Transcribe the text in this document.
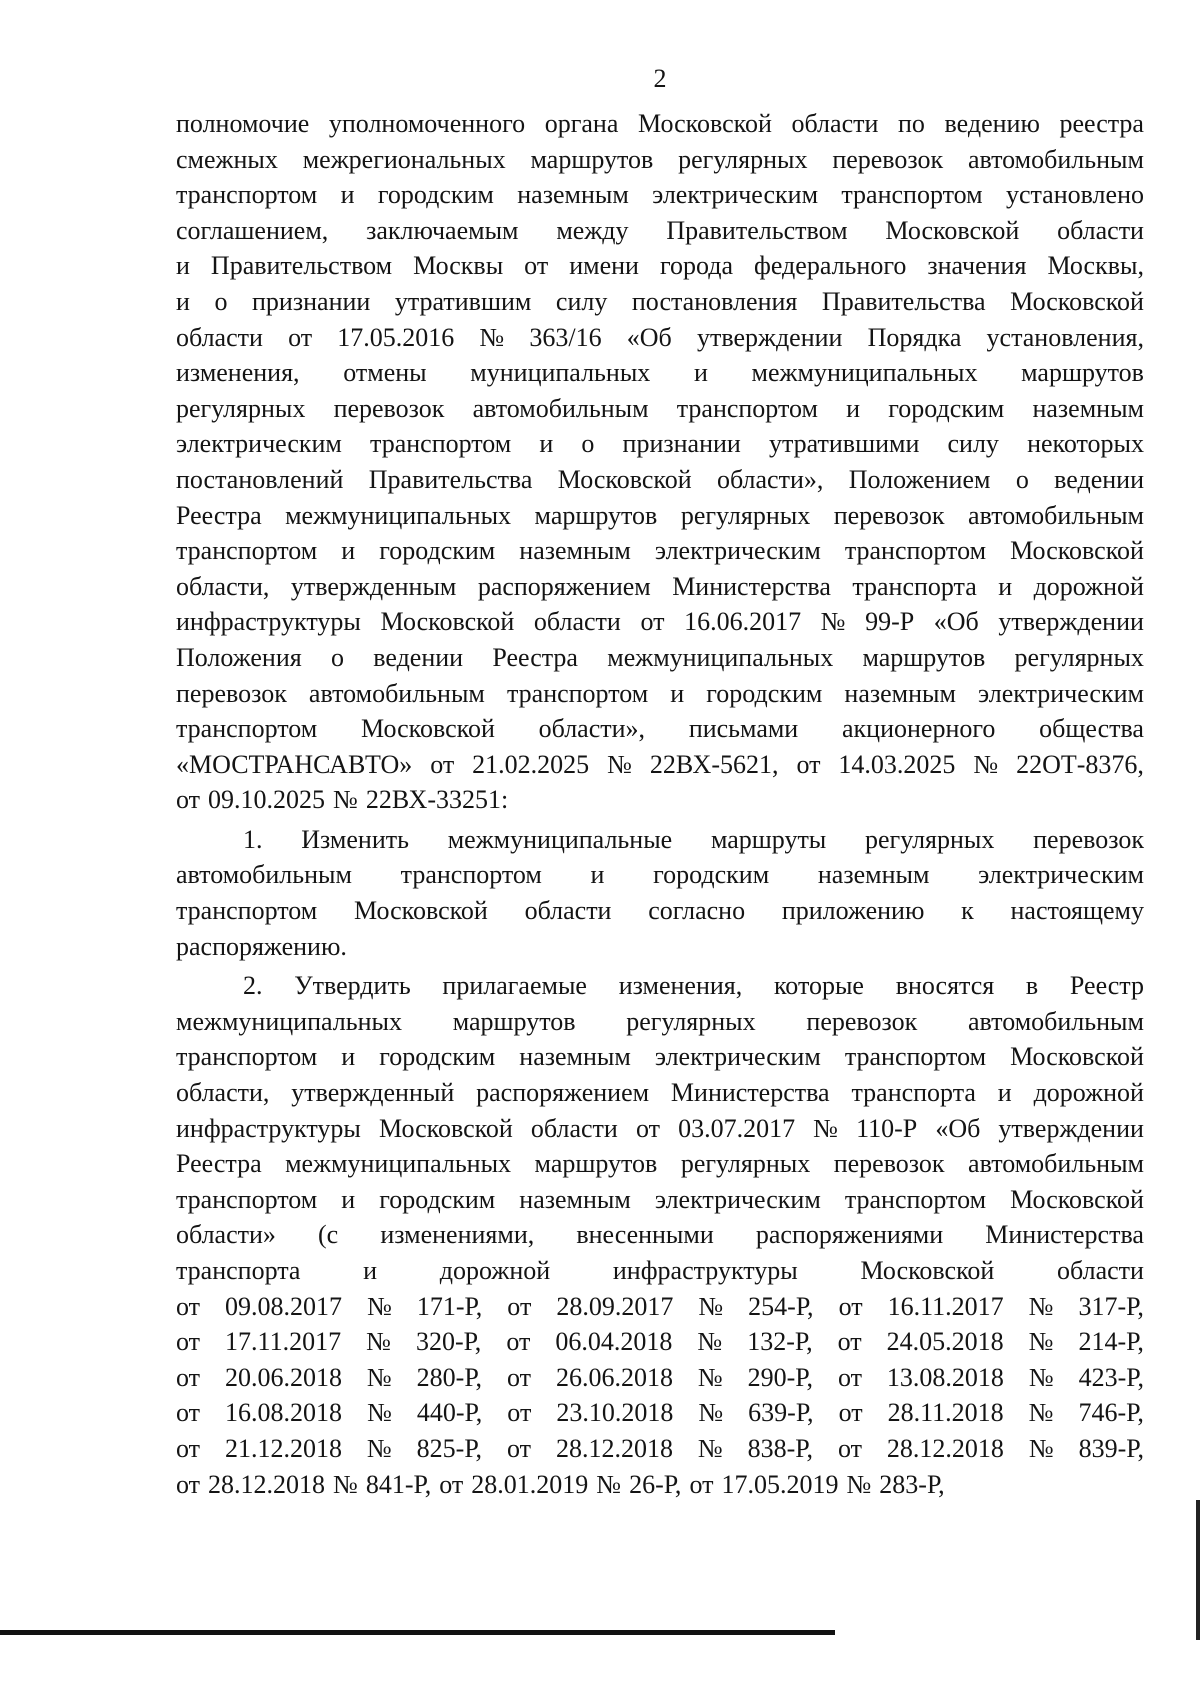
2
полномочие уполномоченного органа Московской области по ведению реестра
смежных межрегиональных маршрутов регулярных перевозок автомобильным
транспортом и городским наземным электрическим транспортом установлено
соглашением, заключаемым между Правительством Московской области
и Правительством Москвы от имени города федерального значения Москвы,
и о признании утратившим силу постановления Правительства Московской
области от 17.05.2016 № 363/16 «Об утверждении Порядка установления,
изменения, отмены муниципальных и межмуниципальных маршрутов
регулярных перевозок автомобильным транспортом и городским наземным
электрическим транспортом и о признании утратившими силу некоторых
постановлений Правительства Московской области», Положением о ведении
Реестра межмуниципальных маршрутов регулярных перевозок автомобильным
транспортом и городским наземным электрическим транспортом Московской
области, утвержденным распоряжением Министерства транспорта и дорожной
инфраструктуры Московской области от 16.06.2017 № 99-Р «Об утверждении
Положения о ведении Реестра межмуниципальных маршрутов регулярных
перевозок автомобильным транспортом и городским наземным электрическим
транспортом Московской области», письмами акционерного общества
«МОСТРАНСАВТО» от 21.02.2025 № 22ВХ-5621, от 14.03.2025 № 22ОТ-8376,
от 09.10.2025 № 22ВХ-33251:
1. Изменить межмуниципальные маршруты регулярных перевозок
автомобильным транспортом и городским наземным электрическим
транспортом Московской области согласно приложению к настоящему
распоряжению.
2. Утвердить прилагаемые изменения, которые вносятся в Реестр
межмуниципальных маршрутов регулярных перевозок автомобильным
транспортом и городским наземным электрическим транспортом Московской
области, утвержденный распоряжением Министерства транспорта и дорожной
инфраструктуры Московской области от 03.07.2017 № 110-Р «Об утверждении
Реестра межмуниципальных маршрутов регулярных перевозок автомобильным
транспортом и городским наземным электрическим транспортом Московской
области» (с изменениями, внесенными распоряжениями Министерства
транспорта и дорожной инфраструктуры Московской области
от 09.08.2017 № 171-Р, от 28.09.2017 № 254-Р, от 16.11.2017 № 317-Р,
от 17.11.2017 № 320-Р, от 06.04.2018 № 132-Р, от 24.05.2018 № 214-Р,
от 20.06.2018 № 280-Р, от 26.06.2018 № 290-Р, от 13.08.2018 № 423-Р,
от 16.08.2018 № 440-Р, от 23.10.2018 № 639-Р, от 28.11.2018 № 746-Р,
от 21.12.2018 № 825-Р, от 28.12.2018 № 838-Р, от 28.12.2018 № 839-Р,
от 28.12.2018 № 841-Р, от 28.01.2019 № 26-Р, от 17.05.2019 № 283-Р,
